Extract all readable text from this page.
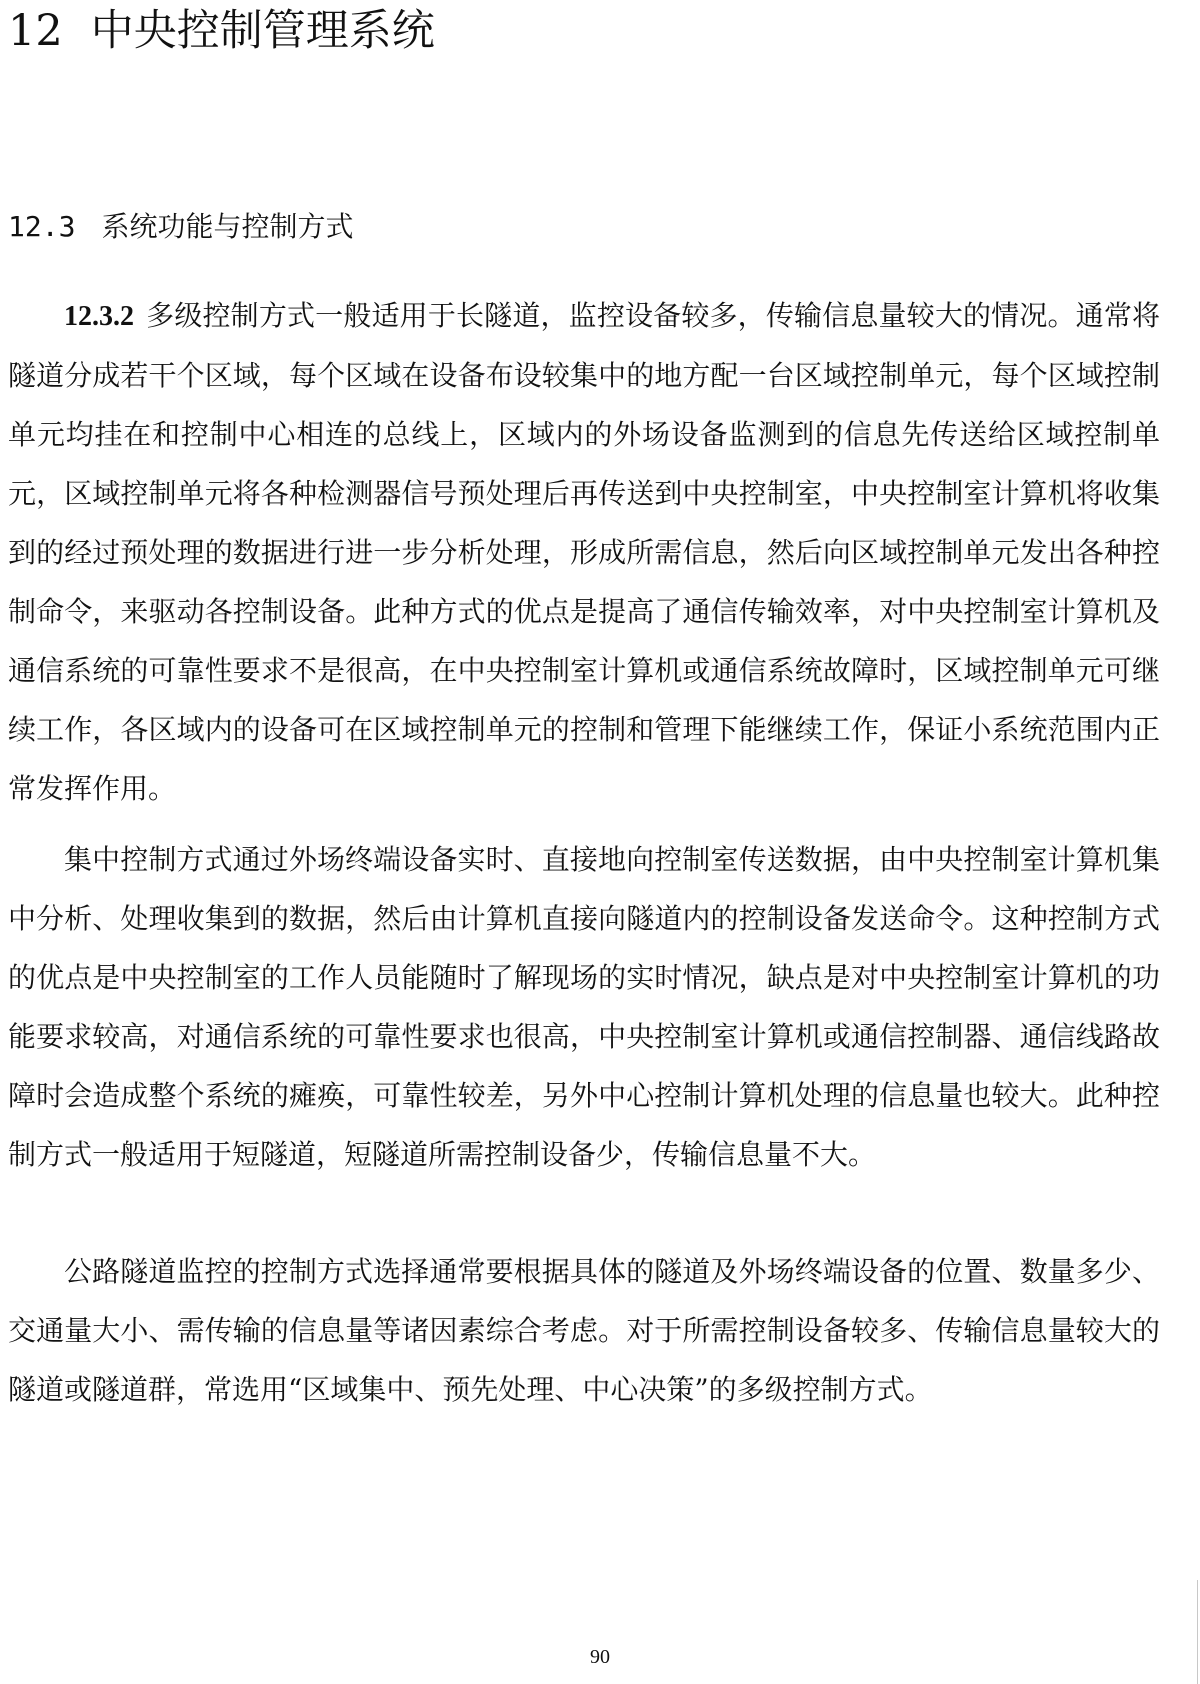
12 中央控制管理系统
12.3 系统功能与控制方式

12.3.2 多级控制方式一般适用于长隧道，监控设备较多，传输信息量较大的情况。通常将隧道分成若干个区域，每个区域在设备布设较集中的地方配一台区域控制单元，每个区域控制单元均挂在和控制中心相连的总线上，区域内的外场设备监测到的信息先传送给区域控制单元，区域控制单元将各种检测器信号预处理后再传送到中央控制室，中央控制室计算机将收集到的经过预处理的数据进行进一步分析处理，形成所需信息，然后向区域控制单元发出各种控制命令，来驱动各控制设备。此种方式的优点是提高了通信传输效率，对中央控制室计算机及通信系统的可靠性要求不是很高，在中央控制室计算机或通信系统故障时，区域控制单元可继续工作，各区域内的设备可在区域控制单元的控制和管理下能继续工作，保证小系统范围内正常发挥作用。

集中控制方式通过外场终端设备实时、直接地向控制室传送数据，由中央控制室计算机集中分析、处理收集到的数据，然后由计算机直接向隧道内的控制设备发送命令。这种控制方式的优点是中央控制室的工作人员能随时了解现场的实时情况，缺点是对中央控制室计算机的功能要求较高，对通信系统的可靠性要求也很高，中央控制室计算机或通信控制器、通信线路故障时会造成整个系统的瘫痪，可靠性较差，另外中心控制计算机处理的信息量也较大。此种控制方式一般适用于短隧道，短隧道所需控制设备少，传输信息量不大。

公路隧道监控的控制方式选择通常要根据具体的隧道及外场终端设备的位置、数量多少、交通量大小、需传输的信息量等诸因素综合考虑。对于所需控制设备较多、传输信息量较大的隧道或隧道群，常选用“区域集中、预先处理、中心决策”的多级控制方式。

90
